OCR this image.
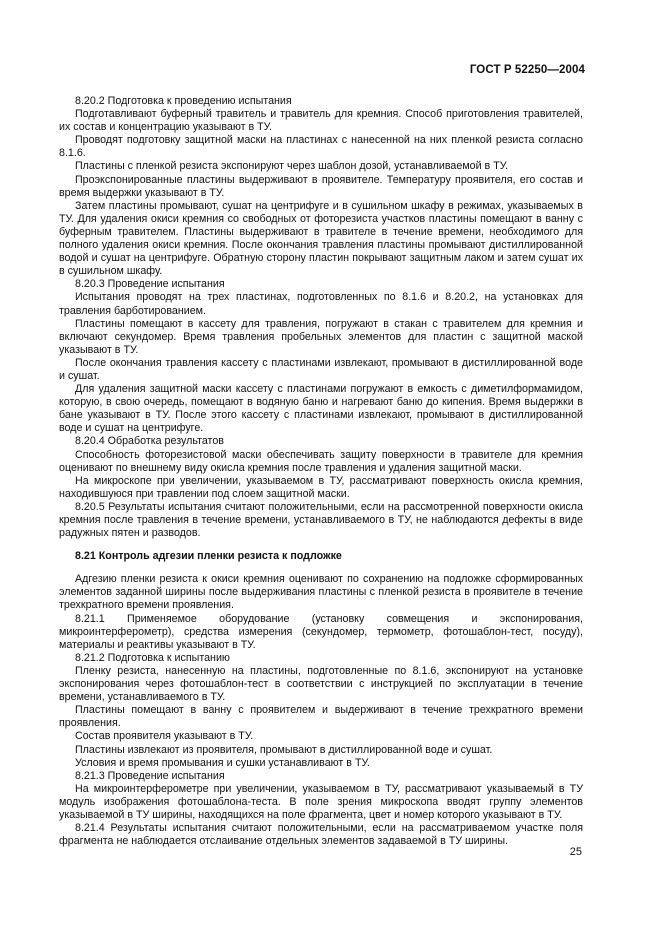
ГОСТ Р 52250—2004

8.20.2 Подготовка к проведению испытания

Подготавливают буферный травитель и травитель для кремния. Способ приготовления травителей, их состав и концентрацию указывают в ТУ.

Проводят подготовку защитной маски на пластинах с нанесенной на них пленкой резиста согласно 8.1.6.

Пластины с пленкой резиста экспонируют через шаблон дозой, устанавливаемой в ТУ.

Проэкспонированные пластины выдерживают в проявителе. Температуру проявителя, его состав и время выдержки указывают в ТУ.

Затем пластины промывают, сушат на центрифуге и в сушильном шкафу в режимах, указываемых в ТУ. Для удаления окиси кремния со свободных от фоторезиста участков пластины помещают в ванну с буферным травителем. Пластины выдерживают в травителе в течение времени, необходимого для полного удаления окиси кремния. После окончания травления пластины промывают дистиллированной водой и сушат на центрифуге. Обратную сторону пластин покрывают защитным лаком и затем сушат их в сушильном шкафу.

8.20.3 Проведение испытания

Испытания проводят на трех пластинах, подготовленных по 8.1.6 и 8.20.2, на установках для травления барботированием.

Пластины помещают в кассету для травления, погружают в стакан с травителем для кремния и включают секундомер. Время травления пробельных элементов для пластин с защитной маской указывают в ТУ.

После окончания травления кассету с пластинами извлекают, промывают в дистиллированной воде и сушат.

Для удаления защитной маски кассету с пластинами погружают в емкость с диметилформамидом, которую, в свою очередь, помещают в водяную баню и нагревают баню до кипения. Время выдержки в бане указывают в ТУ. После этого кассету с пластинами извлекают, промывают в дистиллированной воде и сушат на центрифуге.

8.20.4 Обработка результатов

Способность фоторезистовой маски обеспечивать защиту поверхности в травителе для кремния оценивают по внешнему виду окисла кремния после травления и удаления защитной маски.

На микроскопе при увеличении, указываемом в ТУ, рассматривают поверхность окисла кремния, находившуюся при травлении под слоем защитной маски.

8.20.5 Результаты испытания считают положительными, если на рассмотренной поверхности окисла кремния после травления в течение времени, устанавливаемого в ТУ, не наблюдаются дефекты в виде радужных пятен и разводов.

8.21 Контроль адгезии пленки резиста к подложке

Адгезию пленки резиста к окиси кремния оценивают по сохранению на подложке сформированных элементов заданной ширины после выдерживания пластины с пленкой резиста в проявителе в течение трехкратного времени проявления.

8.21.1 Применяемое оборудование (установку совмещения и экспонирования, микроинтерферометр), средства измерения (секундомер, термометр, фотошаблон-тест, посуду), материалы и реактивы указывают в ТУ.

8.21.2 Подготовка к испытанию

Пленку резиста, нанесенную на пластины, подготовленные по 8.1.6, экспонируют на установке экспонирования через фотошаблон-тест в соответствии с инструкцией по эксплуатации в течение времени, устанавливаемого в ТУ.

Пластины помещают в ванну с проявителем и выдерживают в течение трехкратного времени проявления.

Состав проявителя указывают в ТУ.

Пластины извлекают из проявителя, промывают в дистиллированной воде и сушат.

Условия и время промывания и сушки устанавливают в ТУ.

8.21.3 Проведение испытания

На микроинтерферометре при увеличении, указываемом в ТУ, рассматривают указываемый в ТУ модуль изображения фотошаблона-теста. В поле зрения микроскопа вводят группу элементов указываемой в ТУ ширины, находящихся на поле фрагмента, цвет и номер которого указывают в ТУ.

8.21.4 Результаты испытания считают положительными, если на рассматриваемом участке поля фрагмента не наблюдается отслаивание отдельных элементов задаваемой в ТУ ширины.

25
